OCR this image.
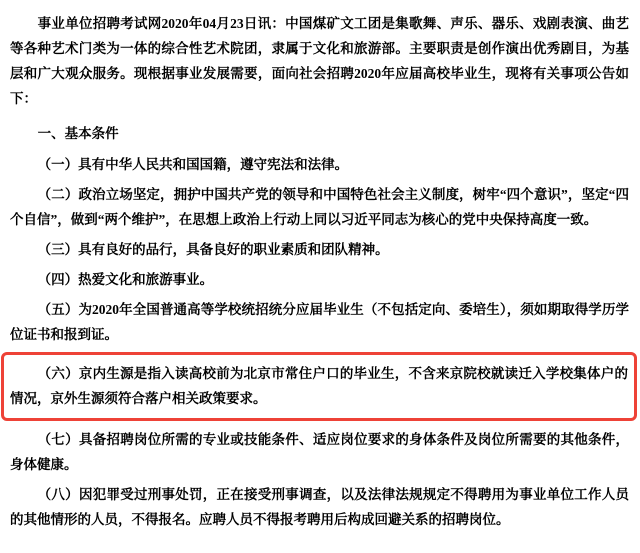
事业单位招聘考试网2020年04月23日讯：中国煤矿文工团是集歌舞、声乐、器乐、戏剧表演、曲艺等各种艺术门类为一体的综合性艺术院团，隶属于文化和旅游部。主要职责是创作演出优秀剧目，为基层和广大观众服务。现根据事业发展需要，面向社会招聘2020年应届高校毕业生，现将有关事项公告如下：

一、基本条件

（一）具有中华人民共和国国籍，遵守宪法和法律。

（二）政治立场坚定，拥护中国共产党的领导和中国特色社会主义制度，树牢“四个意识”，坚定“四个自信”，做到“两个维护”，在思想上政治上行动上同以习近平同志为核心的党中央保持高度一致。

（三）具有良好的品行，具备良好的职业素质和团队精神。

（四）热爱文化和旅游事业。

（五）为2020年全国普通高等学校统招统分应届毕业生（不包括定向、委培生），须如期取得学历学位证书和报到证。

（六）京内生源是指入读高校前为北京市常住户口的毕业生，不含来京院校就读迁入学校集体户的情况，京外生源须符合落户相关政策要求。

（七）具备招聘岗位所需的专业或技能条件、适应岗位要求的身体条件及岗位所需要的其他条件，身体健康。

（八）因犯罪受过刑事处罚，正在接受刑事调查，以及法律法规规定不得聘用为事业单位工作人员的其他情形的人员，不得报名。应聘人员不得报考聘用后构成回避关系的招聘岗位。
